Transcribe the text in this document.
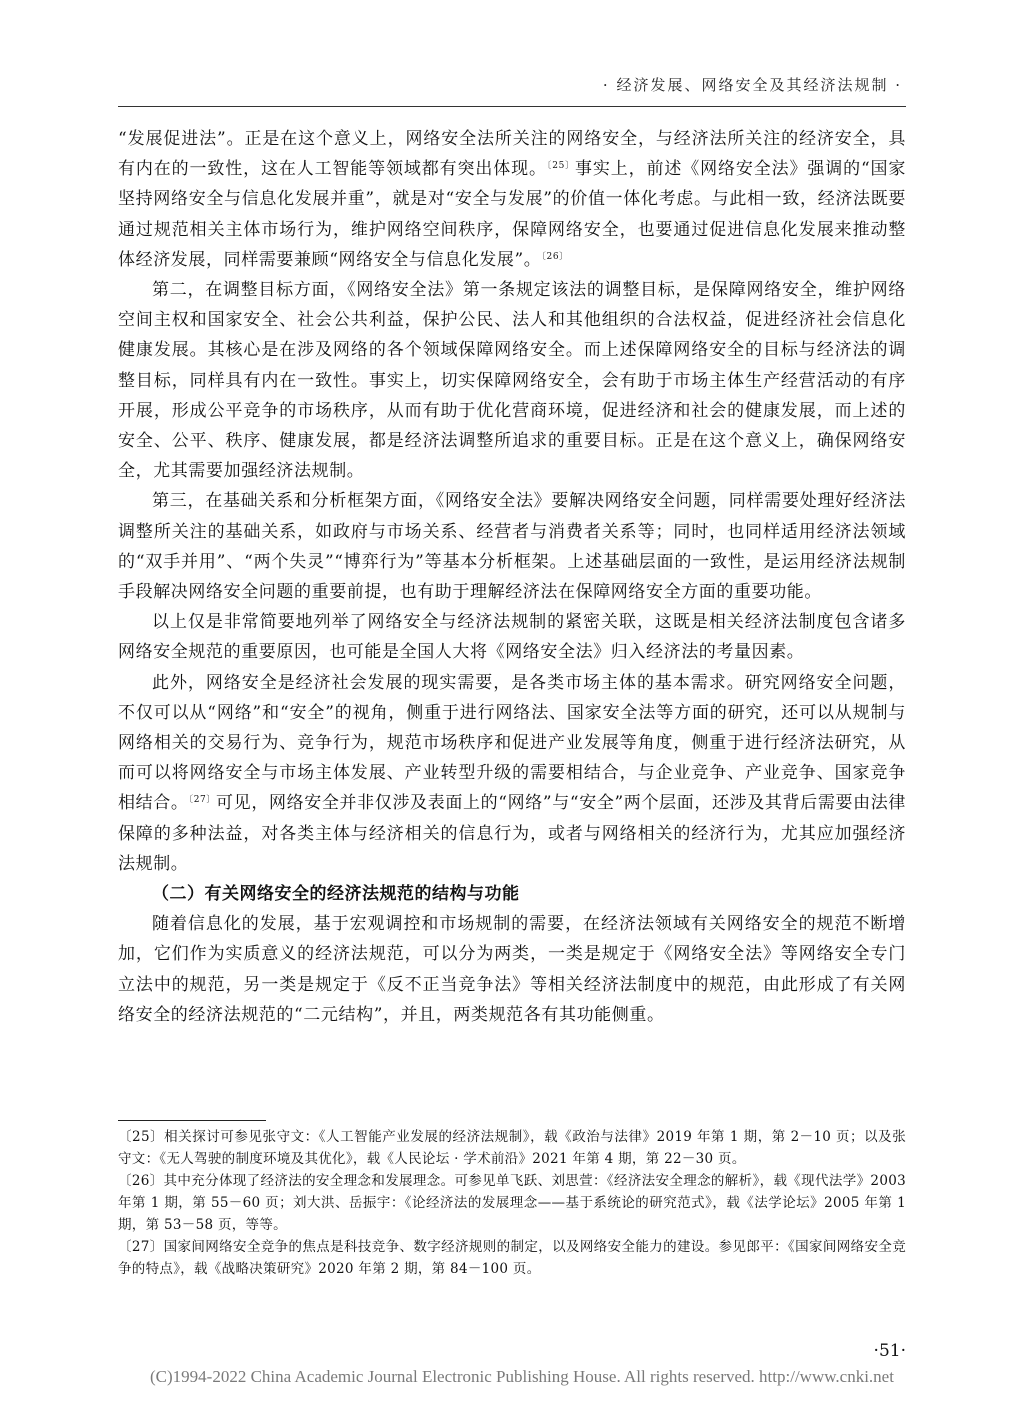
· 经济发展、网络安全及其经济法规制 ·

“发展促进法”。正是在这个意义上，网络安全法所关注的网络安全，与经济法所关注的经济安全，具有内在的一致性，这在人工智能等领域都有突出体现。$^{〔25〕}$事实上，前述《网络安全法》强调的“国家坚持网络安全与信息化发展并重”，就是对“安全与发展”的价值一体化考虑。与此相一致，经济法既要通过规范相关主体市场行为，维护网络空间秩序，保障网络安全，也要通过促进信息化发展来推动整体经济发展，同样需要兼顾“网络安全与信息化发展”。$^{〔26〕}$

第二，在调整目标方面，《网络安全法》第一条规定该法的调整目标，是保障网络安全，维护网络空间主权和国家安全、社会公共利益，保护公民、法人和其他组织的合法权益，促进经济社会信息化健康发展。其核心是在涉及网络的各个领域保障网络安全。而上述保障网络安全的目标与经济法的调整目标，同样具有内在一致性。事实上，切实保障网络安全，会有助于市场主体生产经营活动的有序开展，形成公平竞争的市场秩序，从而有助于优化营商环境，促进经济和社会的健康发展，而上述的安全、公平、秩序、健康发展，都是经济法调整所追求的重要目标。正是在这个意义上，确保网络安全，尤其需要加强经济法规制。

第三，在基础关系和分析框架方面，《网络安全法》要解决网络安全问题，同样需要处理好经济法调整所关注的基础关系，如政府与市场关系、经营者与消费者关系等；同时，也同样适用经济法领域的“双手并用”、“两个失灵”“博弈行为”等基本分析框架。上述基础层面的一致性，是运用经济法规制手段解决网络安全问题的重要前提，也有助于理解经济法在保障网络安全方面的重要功能。

以上仅是非常简要地列举了网络安全与经济法规制的紧密关联，这既是相关经济法制度包含诸多网络安全规范的重要原因，也可能是全国人大将《网络安全法》归入经济法的考量因素。

此外，网络安全是经济社会发展的现实需要，是各类市场主体的基本需求。研究网络安全问题，不仅可以从“网络”和“安全”的视角，侧重于进行网络法、国家安全法等方面的研究，还可以从规制与网络相关的交易行为、竞争行为，规范市场秩序和促进产业发展等角度，侧重于进行经济法研究，从而可以将网络安全与市场主体发展、产业转型升级的需要相结合，与企业竞争、产业竞争、国家竞争相结合。$^{〔27〕}$可见，网络安全并非仅涉及表面上的“网络”与“安全”两个层面，还涉及其背后需要由法律保障的多种法益，对各类主体与经济相关的信息行为，或者与网络相关的经济行为，尤其应加强经济法规制。

（二）有关网络安全的经济法规范的结构与功能

随着信息化的发展，基于宏观调控和市场规制的需要，在经济法领域有关网络安全的规范不断增加，它们作为实质意义的经济法规范，可以分为两类，一类是规定于《网络安全法》等网络安全专门立法中的规范，另一类是规定于《反不正当竞争法》等相关经济法制度中的规范，由此形成了有关网络安全的经济法规范的“二元结构”，并且，两类规范各有其功能侧重。

〔25〕相关探讨可参见张守文：《人工智能产业发展的经济法规制》，载《政治与法律》2019 年第 1 期，第 2－10 页；以及张守文：《无人驾驶的制度环境及其优化》，载《人民论坛 · 学术前沿》2021 年第 4 期，第 22－30 页。

〔26〕其中充分体现了经济法的安全理念和发展理念。可参见单飞跃、刘思萱：《经济法安全理念的解析》，载《现代法学》2003 年第 1 期，第 55－60 页；刘大洪、岳振宇：《论经济法的发展理念——基于系统论的研究范式》，载《法学论坛》2005 年第 1 期，第 53－58 页，等等。

〔27〕国家间网络安全竞争的焦点是科技竞争、数字经济规则的制定，以及网络安全能力的建设。参见郎平：《国家间网络安全竞争的特点》，载《战略决策研究》2020 年第 2 期，第 84－100 页。

·51·
(C)1994-2022 China Academic Journal Electronic Publishing House. All rights reserved. http://www.cnki.net
